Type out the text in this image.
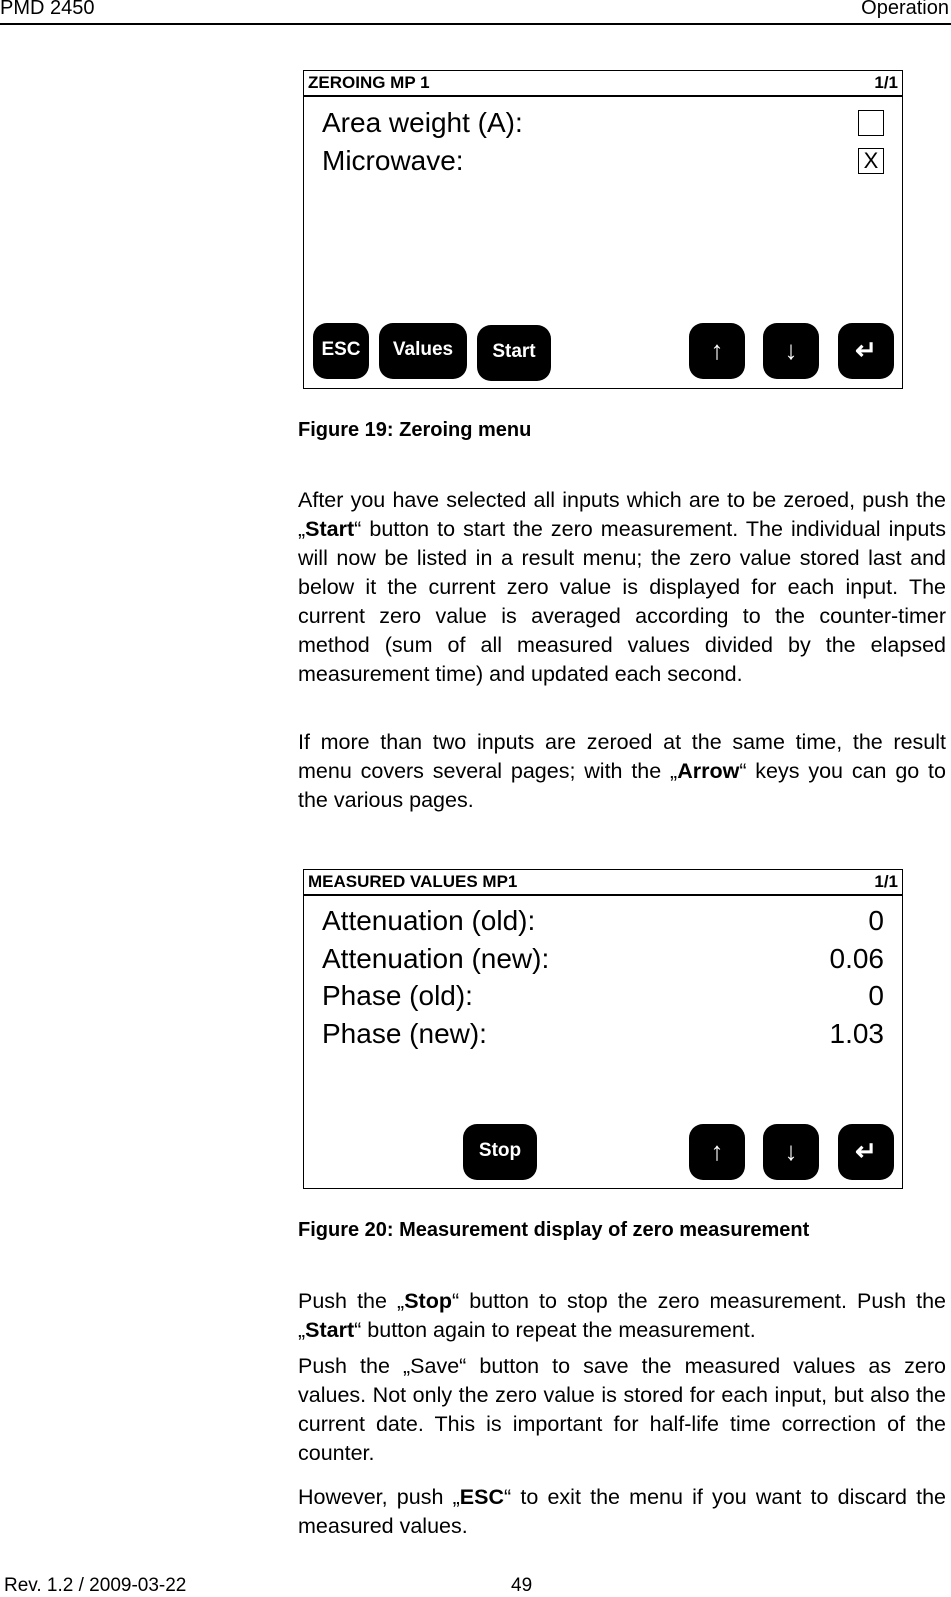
PMD 2450	Operation
ZEROING MP 1	1/1
Area weight (A):
Microwave:	X
ESC	Values	Start	↑	↓	↵
Figure 19: Zeroing menu
After you have selected all inputs which are to be zeroed, push the „Start“ button to start the zero measurement. The individual inputs will now be listed in a result menu; the zero value stored last and below it the current zero value is displayed for each input. The current zero value is averaged according to the counter-timer method (sum of all measured values divided by the elapsed measurement time) and updated each second.
If more than two inputs are zeroed at the same time, the result menu covers several pages; with the „Arrow“ keys you can go to the various pages.
MEASURED VALUES MP1	1/1
Attenuation (old):	0
Attenuation (new):	0.06
Phase (old):	0
Phase (new):	1.03
Stop	↑	↓	↵
Figure 20: Measurement display of zero measurement
Push the „Stop“ button to stop the zero measurement. Push the „Start“ button again to repeat the measurement.
Push the „Save“ button to save the measured values as zero values. Not only the zero value is stored for each input, but also the current date. This is important for half-life time correction of the counter.
However, push „ESC“ to exit the menu if you want to discard the measured values.
Rev. 1.2 / 2009-03-22	49
